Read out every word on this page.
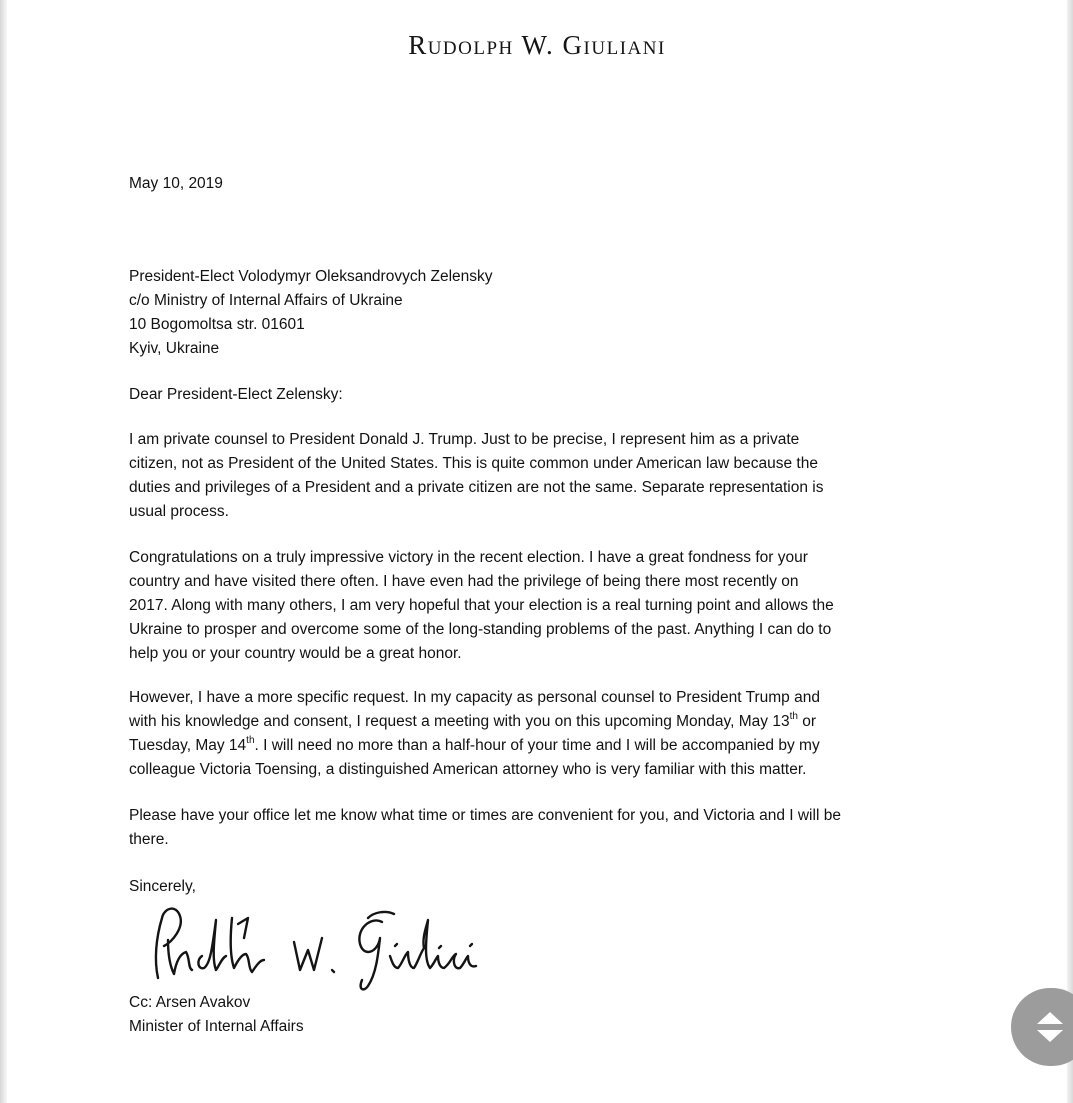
Rudolph W. Giuliani
May 10, 2019
President-Elect Volodymyr Oleksandrovych Zelensky
c/o Ministry of Internal Affairs of Ukraine
10 Bogomoltsa str. 01601
Kyiv, Ukraine
Dear President-Elect Zelensky:
I am private counsel to President Donald J. Trump. Just to be precise, I represent him as a private
citizen, not as President of the United States. This is quite common under American law because the
duties and privileges of a President and a private citizen are not the same. Separate representation is
usual process.
Congratulations on a truly impressive victory in the recent election. I have a great fondness for your
country and have visited there often. I have even had the privilege of being there most recently on
2017. Along with many others, I am very hopeful that your election is a real turning point and allows the
Ukraine to prosper and overcome some of the long-standing problems of the past. Anything I can do to
help you or your country would be a great honor.
However, I have a more specific request. In my capacity as personal counsel to President Trump and
with his knowledge and consent, I request a meeting with you on this upcoming Monday, May 13th or
Tuesday, May 14th. I will need no more than a half-hour of your time and I will be accompanied by my
colleague Victoria Toensing, a distinguished American attorney who is very familiar with this matter.
Please have your office let me know what time or times are convenient for you, and Victoria and I will be
there.
Sincerely,
Cc: Arsen Avakov
Minister of Internal Affairs
